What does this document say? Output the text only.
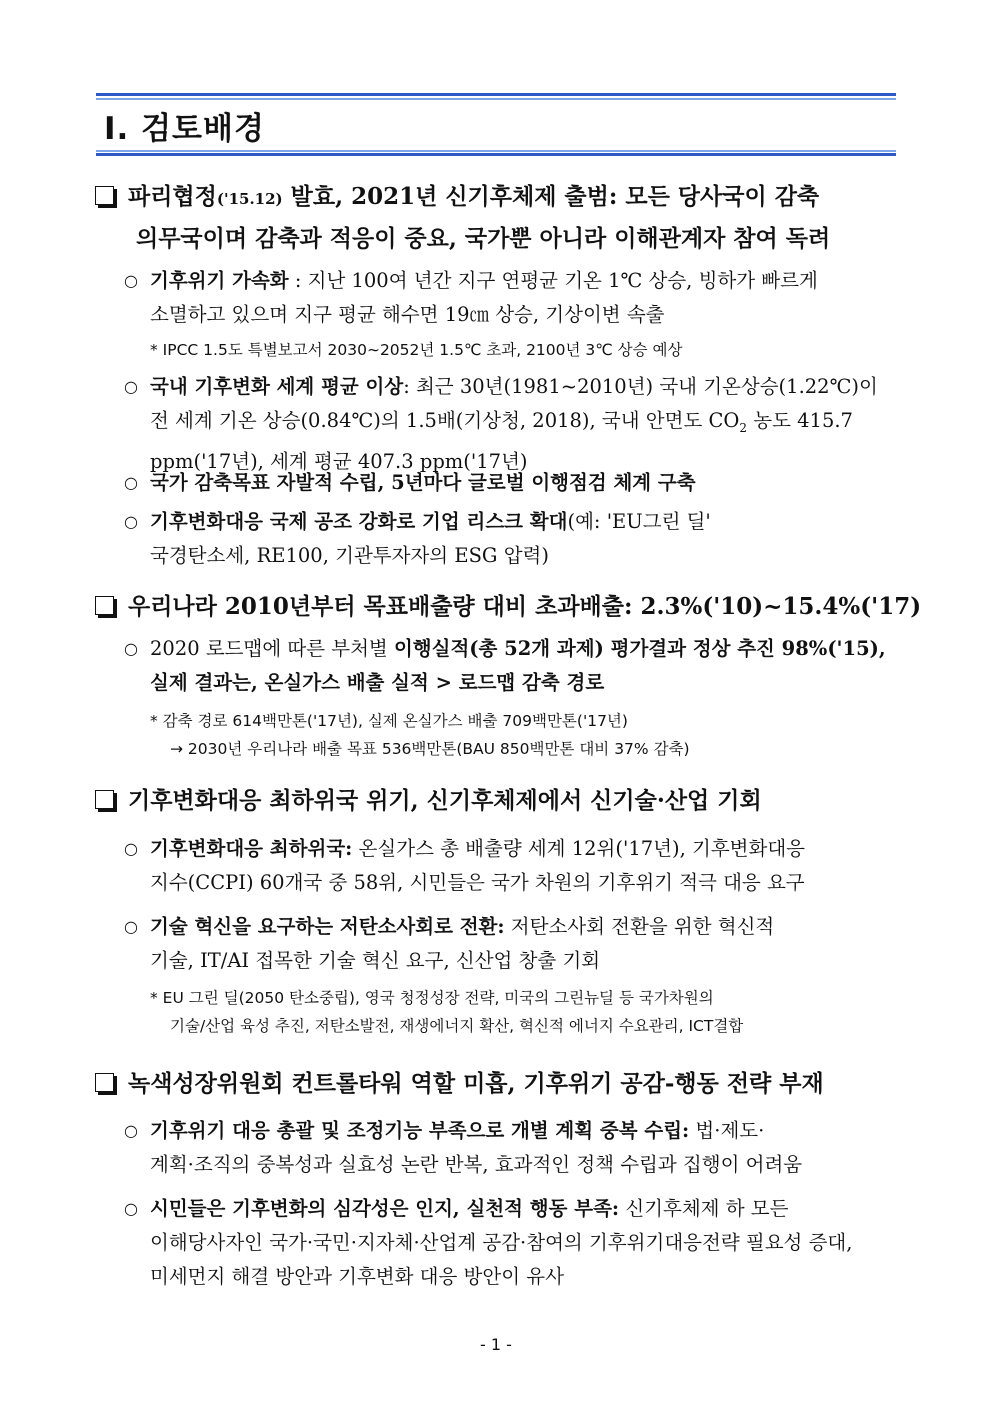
Ⅰ. 검토배경
파리협정('15.12) 발효, 2021년 신기후체제 출범: 모든 당사국이 감축
의무국이며 감축과 적응이 중요, 국가뿐 아니라 이해관계자 참여 독려
○ 기후위기 가속화 : 지난 100여 년간 지구 연평균 기온 1℃ 상승, 빙하가 빠르게
소멸하고 있으며 지구 평균 해수면 19㎝ 상승, 기상이변 속출
* IPCC 1.5도 특별보고서 2030∼2052년 1.5℃ 초과, 2100년 3℃ 상승 예상
○ 국내 기후변화 세계 평균 이상: 최근 30년(1981~2010년) 국내 기온상승(1.22℃)이
전 세계 기온 상승(0.84℃)의 1.5배(기상청, 2018), 국내 안면도 $CO_2$ 농도 415.7
ppm('17년), 세계 평균 407.3 ppm('17년)
○ 국가 감축목표 자발적 수립, 5년마다 글로벌 이행점검 체계 구축
○ 기후변화대응 국제 공조 강화로 기업 리스크 확대(예: 'EU그린 딜'
국경탄소세, RE100, 기관투자자의 ESG 압력)
우리나라 2010년부터 목표배출량 대비 초과배출: 2.3%('10)~15.4%('17)
○ 2020 로드맵에 따른 부처별 이행실적(총 52개 과제) 평가결과 정상 추진 98%('15),
실제 결과는, 온실가스 배출 실적 > 로드맵 감축 경로
* 감축 경로 614백만톤('17년), 실제 온실가스 배출 709백만톤('17년)
→ 2030년 우리나라 배출 목표 536백만톤(BAU 850백만톤 대비 37% 감축)
기후변화대응 최하위국 위기, 신기후체제에서 신기술·산업 기회
○ 기후변화대응 최하위국: 온실가스 총 배출량 세계 12위('17년), 기후변화대응
지수(CCPI) 60개국 중 58위, 시민들은 국가 차원의 기후위기 적극 대응 요구
○ 기술 혁신을 요구하는 저탄소사회로 전환: 저탄소사회 전환을 위한 혁신적
기술, IT/AI 접목한 기술 혁신 요구, 신산업 창출 기회
* EU 그린 딜(2050 탄소중립), 영국 청정성장 전략, 미국의 그린뉴딜 등 국가차원의
기술/산업 육성 추진, 저탄소발전, 재생에너지 확산, 혁신적 에너지 수요관리, ICT결합
녹색성장위원회 컨트롤타워 역할 미흡, 기후위기 공감-행동 전략 부재
○ 기후위기 대응 총괄 및 조정기능 부족으로 개별 계획 중복 수립: 법·제도·
계획·조직의 중복성과 실효성 논란 반복, 효과적인 정책 수립과 집행이 어려움
○ 시민들은 기후변화의 심각성은 인지, 실천적 행동 부족: 신기후체제 하 모든
이해당사자인 국가·국민·지자체·산업계 공감·참여의 기후위기대응전략 필요성 증대,
미세먼지 해결 방안과 기후변화 대응 방안이 유사
- 1 -
